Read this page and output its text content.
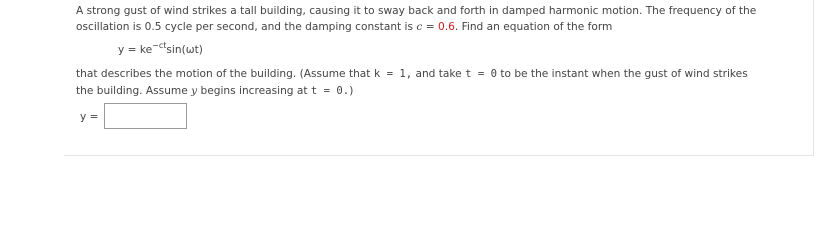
A strong gust of wind strikes a tall building, causing it to sway back and forth in damped harmonic motion. The frequency of the
oscillation is 0.5 cycle per second, and the damping constant is c = 0.6. Find an equation of the form
$y = ke^{-ct}\sin(\omega t)$
that describes the motion of the building. (Assume that k = 1, and take t = 0 to be the instant when the gust of wind strikes
the building. Assume y begins increasing at t = 0.)
y =
